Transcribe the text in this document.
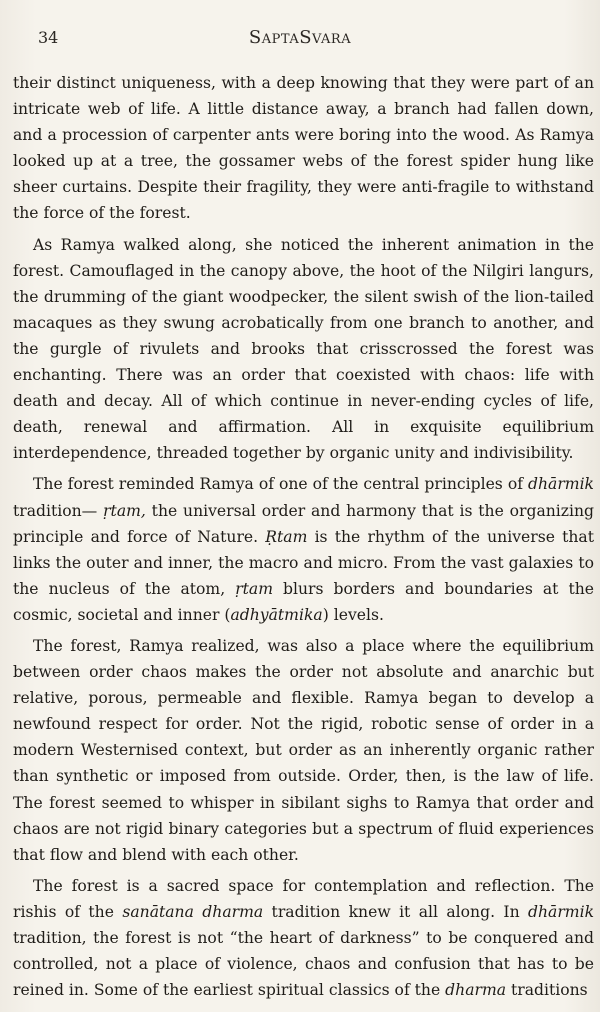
34	SaptaSvara

their distinct uniqueness, with a deep knowing that they were part of an intricate web of life. A little distance away, a branch had fallen down, and a procession of carpenter ants were boring into the wood. As Ramya looked up at a tree, the gossamer webs of the forest spider hung like sheer curtains. Despite their fragility, they were anti-fragile to withstand the force of the forest.

As Ramya walked along, she noticed the inherent animation in the forest. Camouflaged in the canopy above, the hoot of the Nilgiri langurs, the drumming of the giant woodpecker, the silent swish of the lion-tailed macaques as they swung acrobatically from one branch to another, and the gurgle of rivulets and brooks that crisscrossed the forest was enchanting. There was an order that coexisted with chaos: life with death and decay. All of which continue in never-ending cycles of life, death, renewal and affirmation. All in exquisite equilibrium interdependence, threaded together by organic unity and indivisibility.

The forest reminded Ramya of one of the central principles of dhārmik tradition— ṛtam, the universal order and harmony that is the organizing principle and force of Nature. Ṛtam is the rhythm of the universe that links the outer and inner, the macro and micro. From the vast galaxies to the nucleus of the atom, ṛtam blurs borders and boundaries at the cosmic, societal and inner (adhyātmika) levels.

The forest, Ramya realized, was also a place where the equilibrium between order chaos makes the order not absolute and anarchic but relative, porous, permeable and flexible. Ramya began to develop a newfound respect for order. Not the rigid, robotic sense of order in a modern Westernised context, but order as an inherently organic rather than synthetic or imposed from outside. Order, then, is the law of life. The forest seemed to whisper in sibilant sighs to Ramya that order and chaos are not rigid binary categories but a spectrum of fluid experiences that flow and blend with each other.

The forest is a sacred space for contemplation and reflection. The rishis of the sanātana dharma tradition knew it all along. In dhārmik tradition, the forest is not “the heart of darkness” to be conquered and controlled, not a place of violence, chaos and confusion that has to be reined in. Some of the earliest spiritual classics of the dharma traditions
